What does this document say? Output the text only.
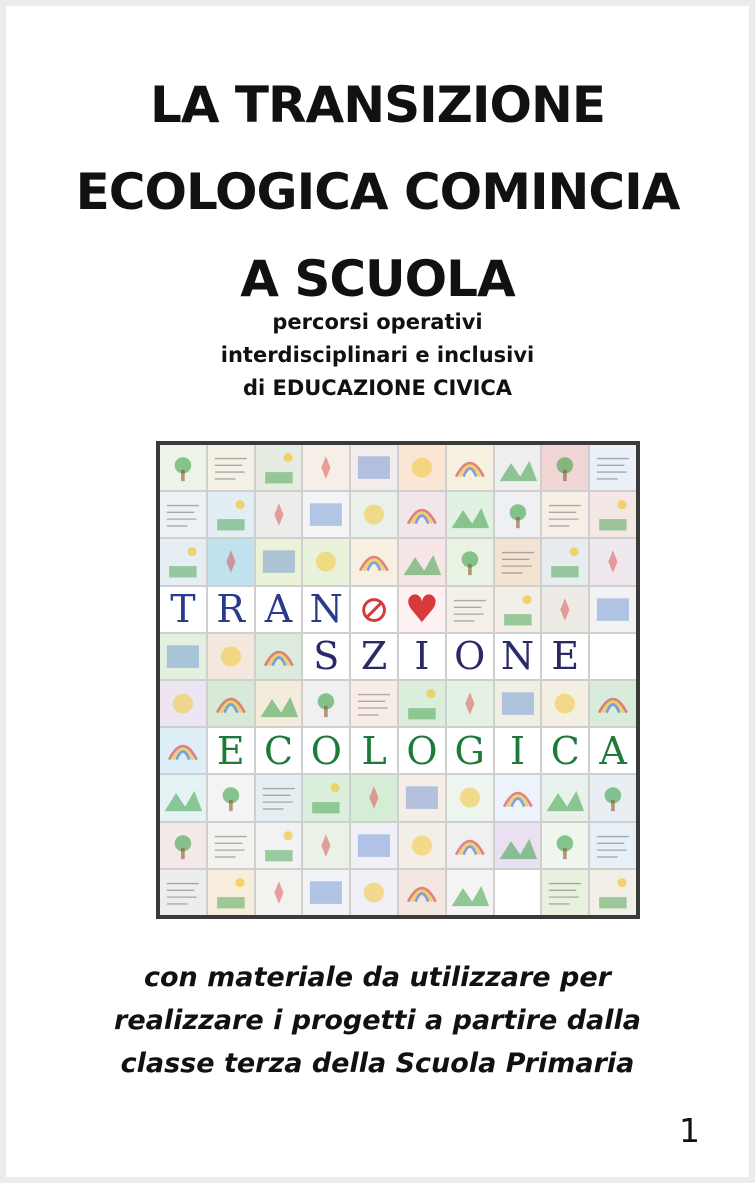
LA TRANSIZIONE
ECOLOGICA COMINCIA
A SCUOLA
percorsi operativi
interdisciplinari e inclusivi
di EDUCAZIONE CIVICA
T R A N ⊘ ♥
S Z I O N E
E C O L O G I C A
con materiale da utilizzare per
realizzare i progetti a partire dalla
classe terza della Scuola Primaria
1
